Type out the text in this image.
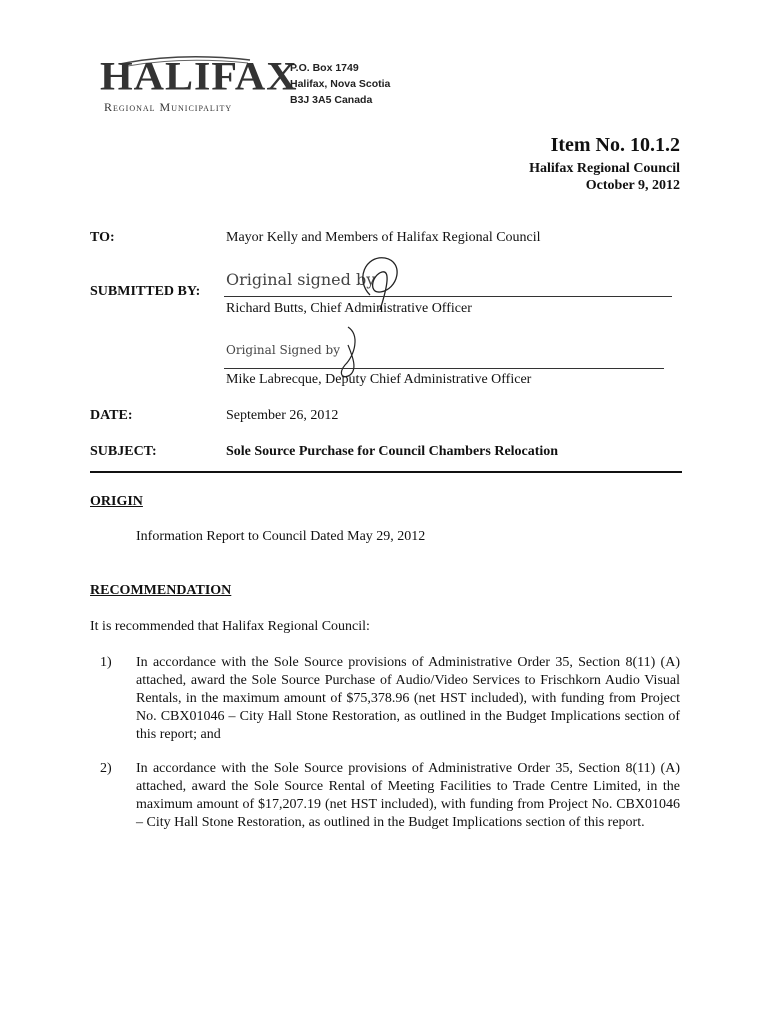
HALIFAX
Regional Municipality
P.O. Box 1749
Halifax, Nova Scotia
B3J 3A5 Canada
Item No. 10.1.2
Halifax Regional Council
October 9, 2012
TO:	Mayor Kelly and Members of Halifax Regional Council
SUBMITTED BY:
Original signed by
Richard Butts, Chief Administrative Officer
Original Signed by
Mike Labrecque, Deputy Chief Administrative Officer
DATE:	September 26, 2012
SUBJECT:	Sole Source Purchase for Council Chambers Relocation
ORIGIN
Information Report to Council Dated May 29, 2012
RECOMMENDATION
It is recommended that Halifax Regional Council:
1) In accordance with the Sole Source provisions of Administrative Order 35, Section 8(11) (A) attached, award the Sole Source Purchase of Audio/Video Services to Frischkorn Audio Visual Rentals, in the maximum amount of $75,378.96 (net HST included), with funding from Project No. CBX01046 – City Hall Stone Restoration, as outlined in the Budget Implications section of this report; and
2) In accordance with the Sole Source provisions of Administrative Order 35, Section 8(11) (A) attached, award the Sole Source Rental of Meeting Facilities to Trade Centre Limited, in the maximum amount of $17,207.19 (net HST included), with funding from Project No. CBX01046 – City Hall Stone Restoration, as outlined in the Budget Implications section of this report.
